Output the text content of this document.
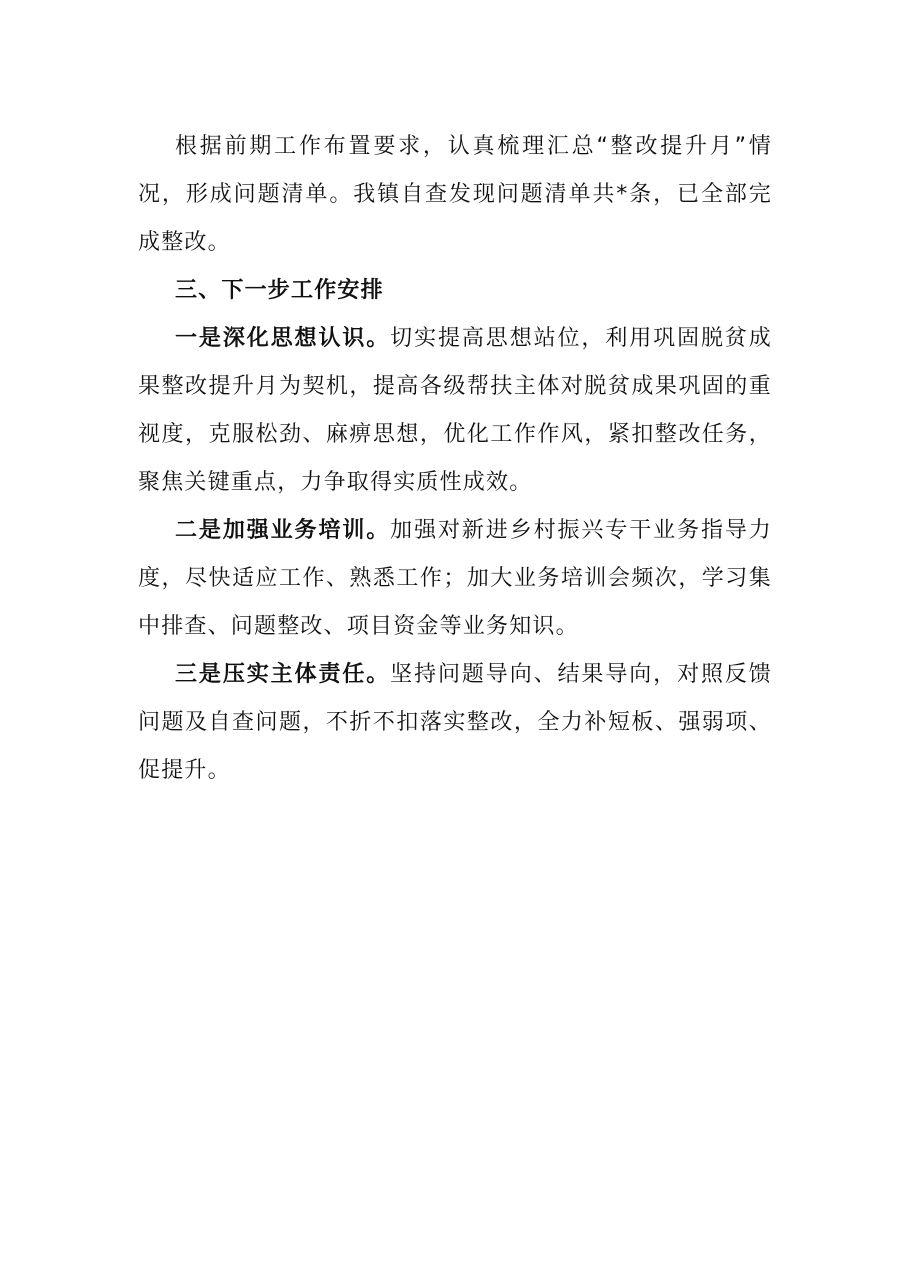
根据前期工作布置要求，认真梳理汇总“整改提升月”情况，形成问题清单。我镇自查发现问题清单共*条，已全部完成整改。

三、下一步工作安排

一是深化思想认识。切实提高思想站位，利用巩固脱贫成果整改提升月为契机，提高各级帮扶主体对脱贫成果巩固的重视度，克服松劲、麻痹思想，优化工作作风，紧扣整改任务，聚焦关键重点，力争取得实质性成效。

二是加强业务培训。加强对新进乡村振兴专干业务指导力度，尽快适应工作、熟悉工作；加大业务培训会频次，学习集中排查、问题整改、项目资金等业务知识。

三是压实主体责任。坚持问题导向、结果导向，对照反馈问题及自查问题，不折不扣落实整改，全力补短板、强弱项、促提升。
